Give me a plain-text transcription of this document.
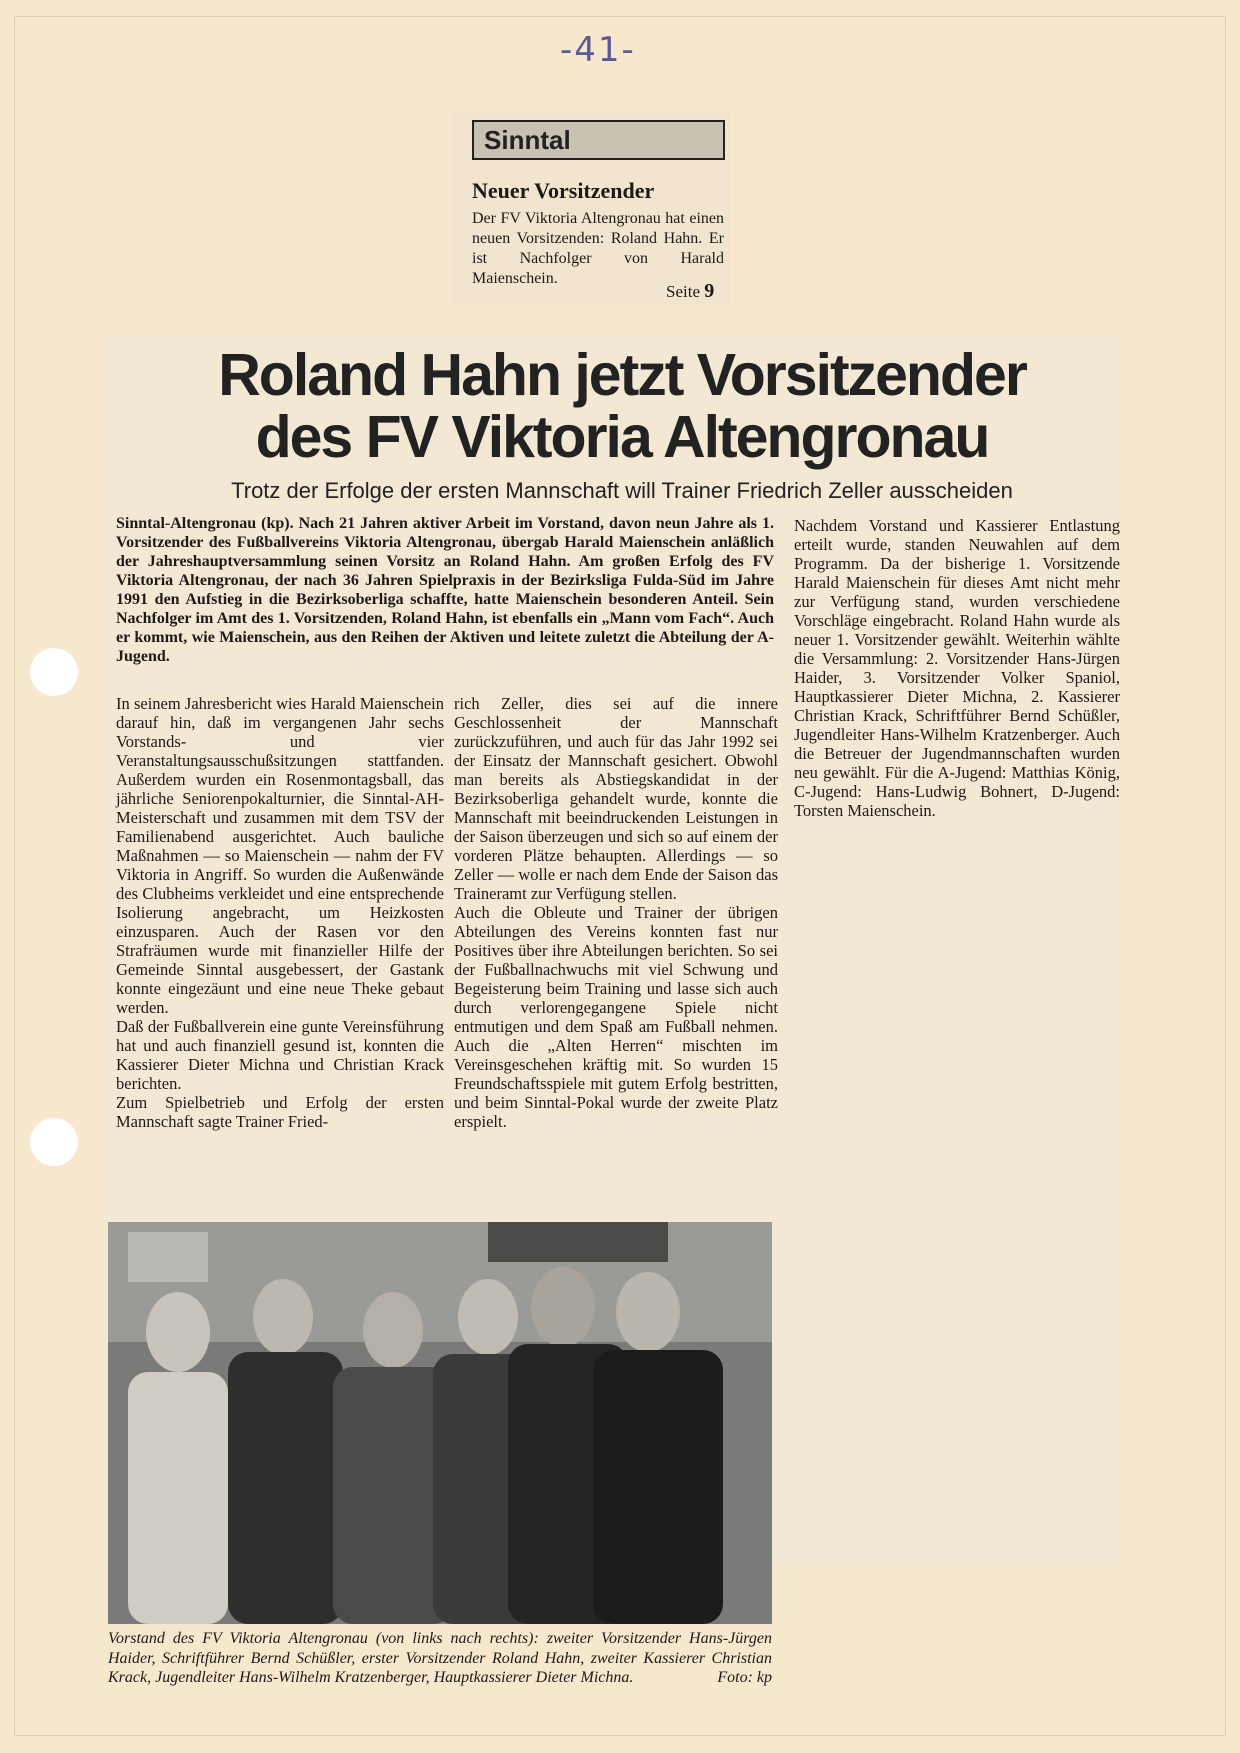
-41-
Sinntal
Neuer Vorsitzender
Der FV Viktoria Altengronau hat einen neuen Vorsitzenden: Roland Hahn. Er ist Nachfolger von Harald Maienschein.
Seite 9
Roland Hahn jetzt Vorsitzender
des FV Viktoria Altengronau
Trotz der Erfolge der ersten Mannschaft will Trainer Friedrich Zeller ausscheiden
Sinntal-Altengronau (kp). Nach 21 Jahren aktiver Arbeit im Vorstand, davon neun Jahre als 1. Vorsitzender des Fußballvereins Viktoria Altengronau, übergab Harald Maienschein anläßlich der Jahreshauptversammlung seinen Vorsitz an Roland Hahn. Am großen Erfolg des FV Viktoria Altengronau, der nach 36 Jahren Spielpraxis in der Bezirksliga Fulda-Süd im Jahre 1991 den Aufstieg in die Bezirksoberliga schaffte, hatte Maienschein besonderen Anteil. Sein Nachfolger im Amt des 1. Vorsitzenden, Roland Hahn, ist ebenfalls ein „Mann vom Fach“. Auch er kommt, wie Maienschein, aus den Reihen der Aktiven und leitete zuletzt die Abteilung der A-Jugend.

In seinem Jahresbericht wies Harald Maienschein darauf hin, daß im vergangenen Jahr sechs Vorstands- und vier Veranstaltungsausschußsitzungen stattfanden. Außerdem wurden ein Rosenmontagsball, das jährliche Seniorenpokalturnier, die Sinntal-AH-Meisterschaft und zusammen mit dem TSV der Familienabend ausgerichtet. Auch bauliche Maßnahmen — so Maienschein — nahm der FV Viktoria in Angriff. So wurden die Außenwände des Clubheims verkleidet und eine entsprechende Isolierung angebracht, um Heizkosten einzusparen. Auch der Rasen vor den Strafräumen wurde mit finanzieller Hilfe der Gemeinde Sinntal ausgebessert, der Gastank konnte eingezäunt und eine neue Theke gebaut werden.

Daß der Fußballverein eine gunte Vereinsführung hat und auch finanziell gesund ist, konnten die Kassierer Dieter Michna und Christian Krack berichten.

Zum Spielbetrieb und Erfolg der ersten Mannschaft sagte Trainer Fried-

rich Zeller, dies sei auf die innere Geschlossenheit der Mannschaft zurückzuführen, und auch für das Jahr 1992 sei der Einsatz der Mannschaft gesichert. Obwohl man bereits als Abstiegskandidat in der Bezirksoberliga gehandelt wurde, konnte die Mannschaft mit beeindruckenden Leistungen in der Saison überzeugen und sich so auf einem der vorderen Plätze behaupten. Allerdings — so Zeller — wolle er nach dem Ende der Saison das Traineramt zur Verfügung stellen.

Auch die Obleute und Trainer der übrigen Abteilungen des Vereins konnten fast nur Positives über ihre Abteilungen berichten. So sei der Fußballnachwuchs mit viel Schwung und Begeisterung beim Training und lasse sich auch durch verlorengegangene Spiele nicht entmutigen und dem Spaß am Fußball nehmen. Auch die „Alten Herren“ mischten im Vereinsgeschehen kräftig mit. So wurden 15 Freundschaftsspiele mit gutem Erfolg bestritten, und beim Sinntal-Pokal wurde der zweite Platz erspielt.

Nachdem Vorstand und Kassierer Entlastung erteilt wurde, standen Neuwahlen auf dem Programm. Da der bisherige 1. Vorsitzende Harald Maienschein für dieses Amt nicht mehr zur Verfügung stand, wurden verschiedene Vorschläge eingebracht. Roland Hahn wurde als neuer 1. Vorsitzender gewählt. Weiterhin wählte die Versammlung: 2. Vorsitzender Hans-Jürgen Haider, 3. Vorsitzender Volker Spaniol, Hauptkassierer Dieter Michna, 2. Kassierer Christian Krack, Schriftführer Bernd Schüßler, Jugendleiter Hans-Wilhelm Kratzenberger. Auch die Betreuer der Jugendmannschaften wurden neu gewählt. Für die A-Jugend: Matthias König, C-Jugend: Hans-Ludwig Bohnert, D-Jugend: Torsten Maienschein.

Vorstand des FV Viktoria Altengronau (von links nach rechts): zweiter Vorsitzender Hans-Jürgen Haider, Schriftführer Bernd Schüßler, erster Vorsitzender Roland Hahn, zweiter Kassierer Christian Krack, Jugendleiter Hans-Wilhelm Kratzenberger, Hauptkassierer Dieter Michna.	Foto: kp
